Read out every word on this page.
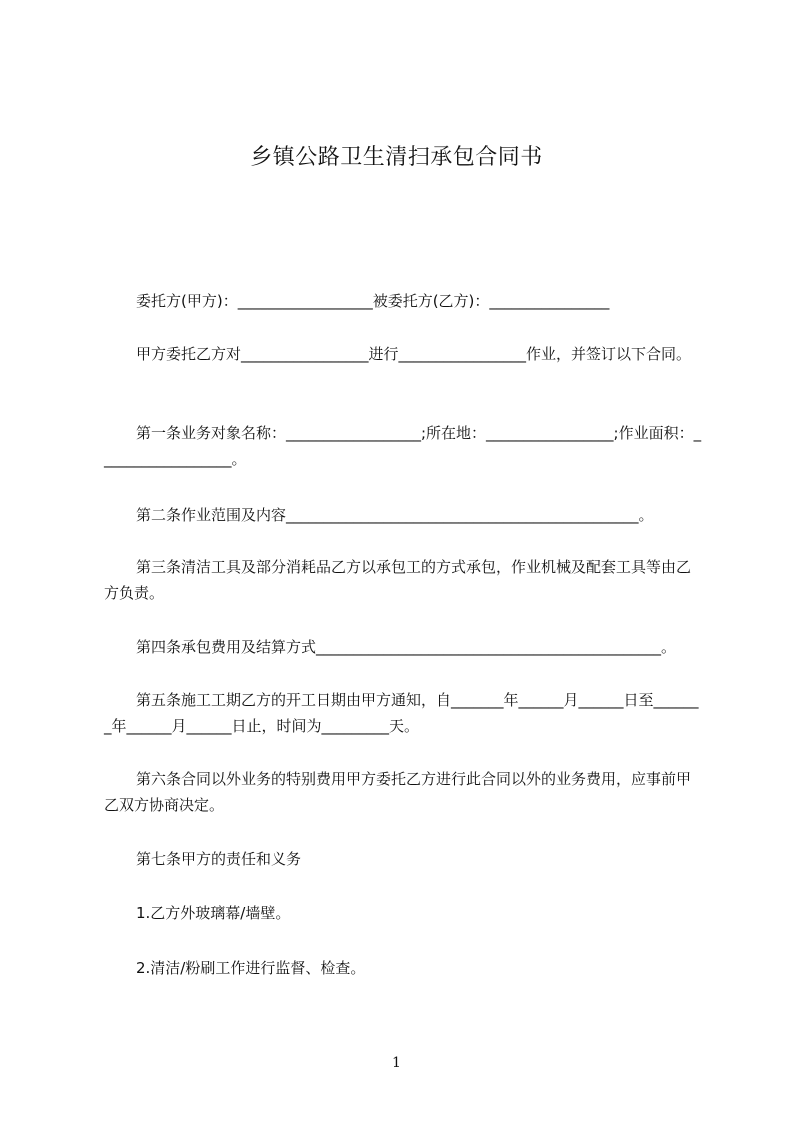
乡镇公路卫生清扫承包合同书

委托方(甲方)：__________________被委托方(乙方)：________________

甲方委托乙方对_________________进行_________________作业，并签订以下合同。

第一条业务对象名称：__________________;所在地：_________________;作业面积：__________________。

第二条作业范围及内容_______________________________________________。

第三条清洁工具及部分消耗品乙方以承包工的方式承包，作业机械及配套工具等由乙方负责。

第四条承包费用及结算方式______________________________________________。

第五条施工工期乙方的开工日期由甲方通知，自_______年______月______日至_______年______月______日止，时间为_________天。

第六条合同以外业务的特别费用甲方委托乙方进行此合同以外的业务费用，应事前甲乙双方协商决定。

第七条甲方的责任和义务

1.乙方外玻璃幕/墙壁。

2.清洁/粉刷工作进行监督、检查。

1
